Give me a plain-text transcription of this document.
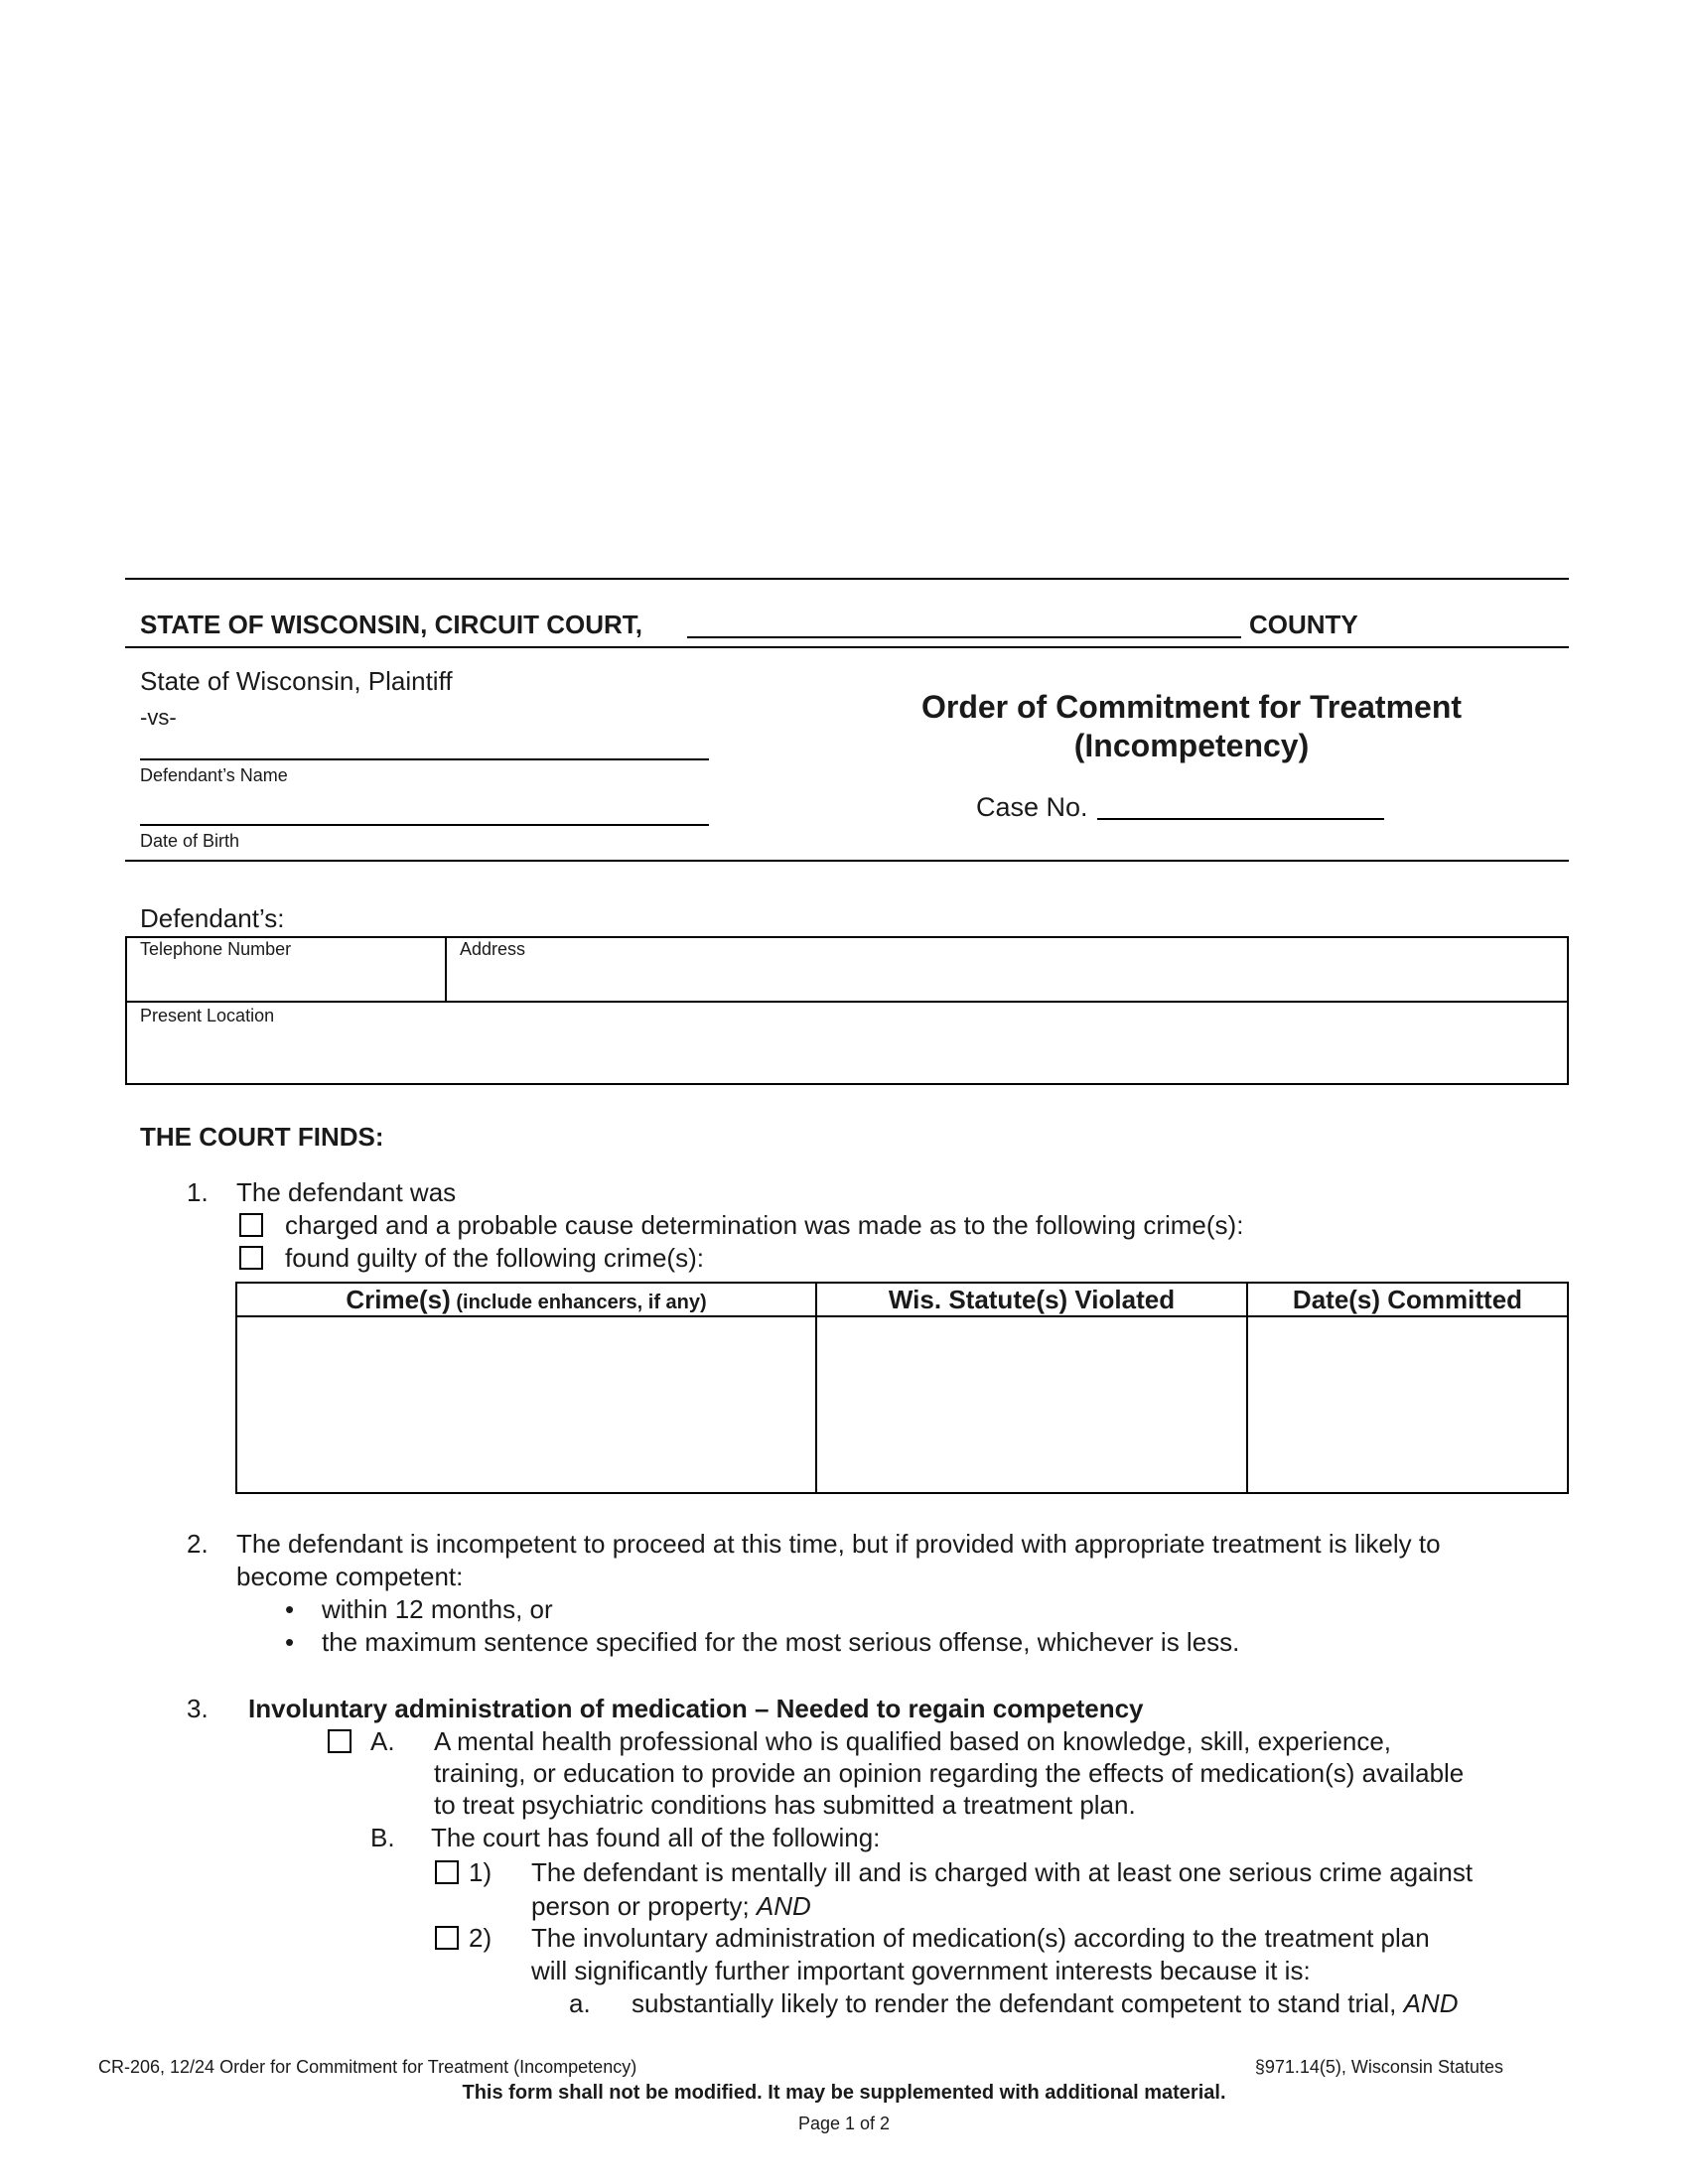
STATE OF WISCONSIN, CIRCUIT COURT,	COUNTY
State of Wisconsin, Plaintiff
-vs-
Defendant’s Name
Date of Birth
Order of Commitment for Treatment
(Incompetency)
Case No.
Defendant’s:
Telephone Number	Address
Present Location
THE COURT FINDS:
1. The defendant was
charged and a probable cause determination was made as to the following crime(s):
found guilty of the following crime(s):
Crime(s) (include enhancers, if any)	Wis. Statute(s) Violated	Date(s) Committed

2. The defendant is incompetent to proceed at this time, but if provided with appropriate treatment is likely to
become competent:
• within 12 months, or
• the maximum sentence specified for the most serious offense, whichever is less.
3. Involuntary administration of medication – Needed to regain competency
A. A mental health professional who is qualified based on knowledge, skill, experience,
training, or education to provide an opinion regarding the effects of medication(s) available
to treat psychiatric conditions has submitted a treatment plan.
B. The court has found all of the following:
1) The defendant is mentally ill and is charged with at least one serious crime against
person or property; AND
2) The involuntary administration of medication(s) according to the treatment plan
will significantly further important government interests because it is:
a. substantially likely to render the defendant competent to stand trial, AND
CR-206, 12/24 Order for Commitment for Treatment (Incompetency)	§971.14(5), Wisconsin Statutes
This form shall not be modified. It may be supplemented with additional material.
Page 1 of 2
